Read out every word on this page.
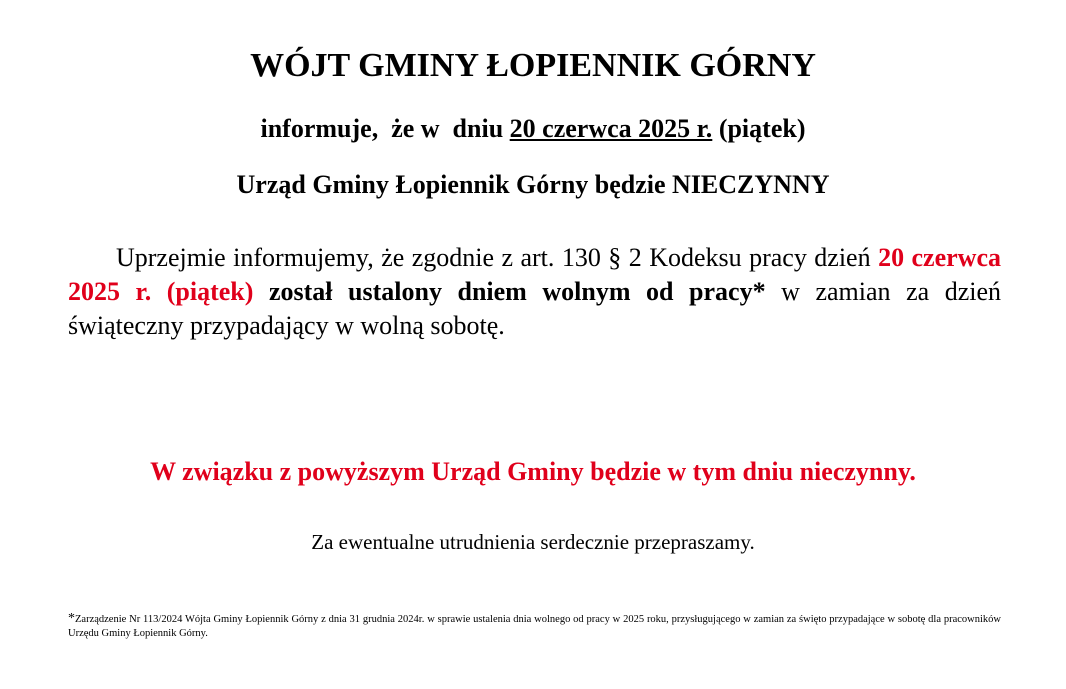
WÓJT GMINY ŁOPIENNIK GÓRNY

informuje,  że w  dniu 20 czerwca 2025 r. (piątek)

Urząd Gminy Łopiennik Górny będzie NIECZYNNY

Uprzejmie informujemy, że zgodnie z art. 130 § 2 Kodeksu pracy dzień 20 czerwca 2025 r. (piątek) został ustalony dniem wolnym od pracy* w zamian za dzień świąteczny przypadający w wolną sobotę.

W związku z powyższym Urząd Gminy będzie w tym dniu nieczynny.

Za ewentualne utrudnienia serdecznie przepraszamy.

*Zarządzenie Nr 113/2024 Wójta Gminy Łopiennik Górny z dnia 31 grudnia 2024r. w sprawie ustalenia dnia wolnego od pracy w 2025 roku, przysługującego w zamian za święto przypadające w sobotę dla pracowników Urzędu Gminy Łopiennik Górny.
